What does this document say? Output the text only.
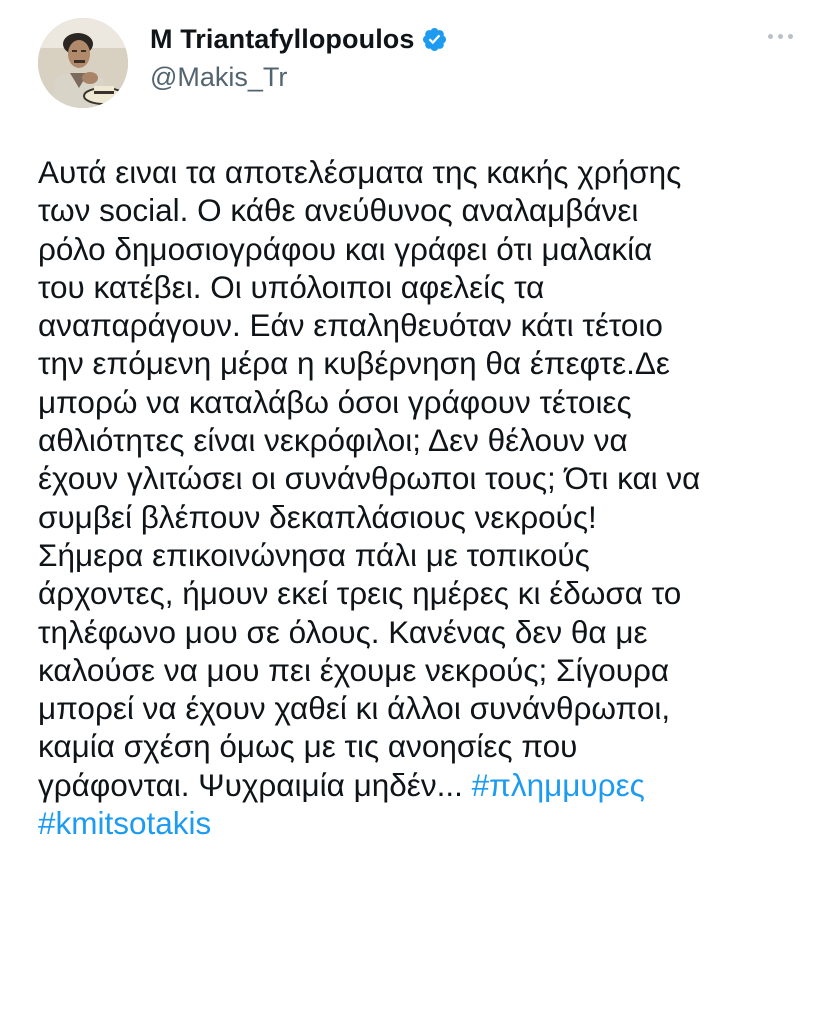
M Triantafyllopoulos
@Makis_Tr
Αυτά ειναι τα αποτελέσματα της κακής χρήσης
των social. Ο κάθε ανεύθυνος αναλαμβάνει
ρόλο δημοσιογράφου και γράφει ότι μαλακία
του κατέβει. Οι υπόλοιποι αφελείς τα
αναπαράγουν. Εάν επαληθευόταν κάτι τέτοιο
την επόμενη μέρα η κυβέρνηση θα έπεφτε.Δε
μπορώ να καταλάβω όσοι γράφουν τέτοιες
αθλιότητες είναι νεκρόφιλοι; Δεν θέλουν να
έχουν γλιτώσει οι συνάνθρωποι τους; Ότι και να
συμβεί βλέπουν δεκαπλάσιους νεκρούς!
Σήμερα επικοινώνησα πάλι με τοπικούς
άρχοντες, ήμουν εκεί τρεις ημέρες κι έδωσα το
τηλέφωνο μου σε όλους. Κανένας δεν θα με
καλούσε να μου πει έχουμε νεκρούς; Σίγουρα
μπορεί να έχουν χαθεί κι άλλοι συνάνθρωποι,
καμία σχέση όμως με τις ανοησίες που
γράφονται. Ψυχραιμία μηδέν... #πλημμυρες
#kmitsotakis
